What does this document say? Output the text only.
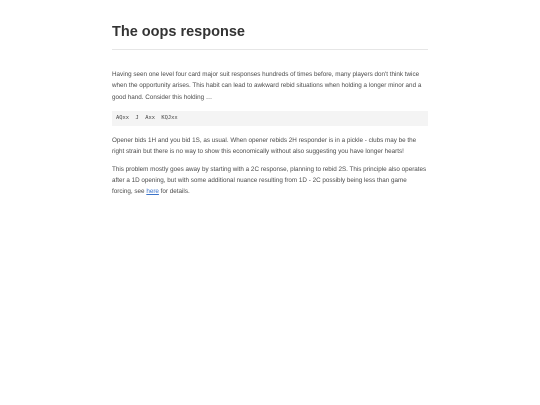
The oops response

Having seen one level four card major suit responses hundreds of times before, many players don't think twice when the opportunity arises. This habit can lead to awkward rebid situations when holding a longer minor and a good hand. Consider this holding …

AQxx  J  Axx  KQJxx

Opener bids 1H and you bid 1S, as usual. When opener rebids 2H responder is in a pickle - clubs may be the right strain but there is no way to show this economically without also suggesting you have longer hearts!

This problem mostly goes away by starting with a 2C response, planning to rebid 2S. This principle also operates after a 1D opening, but with some additional nuance resulting from 1D - 2C possibly being less than game forcing, see here for details.
